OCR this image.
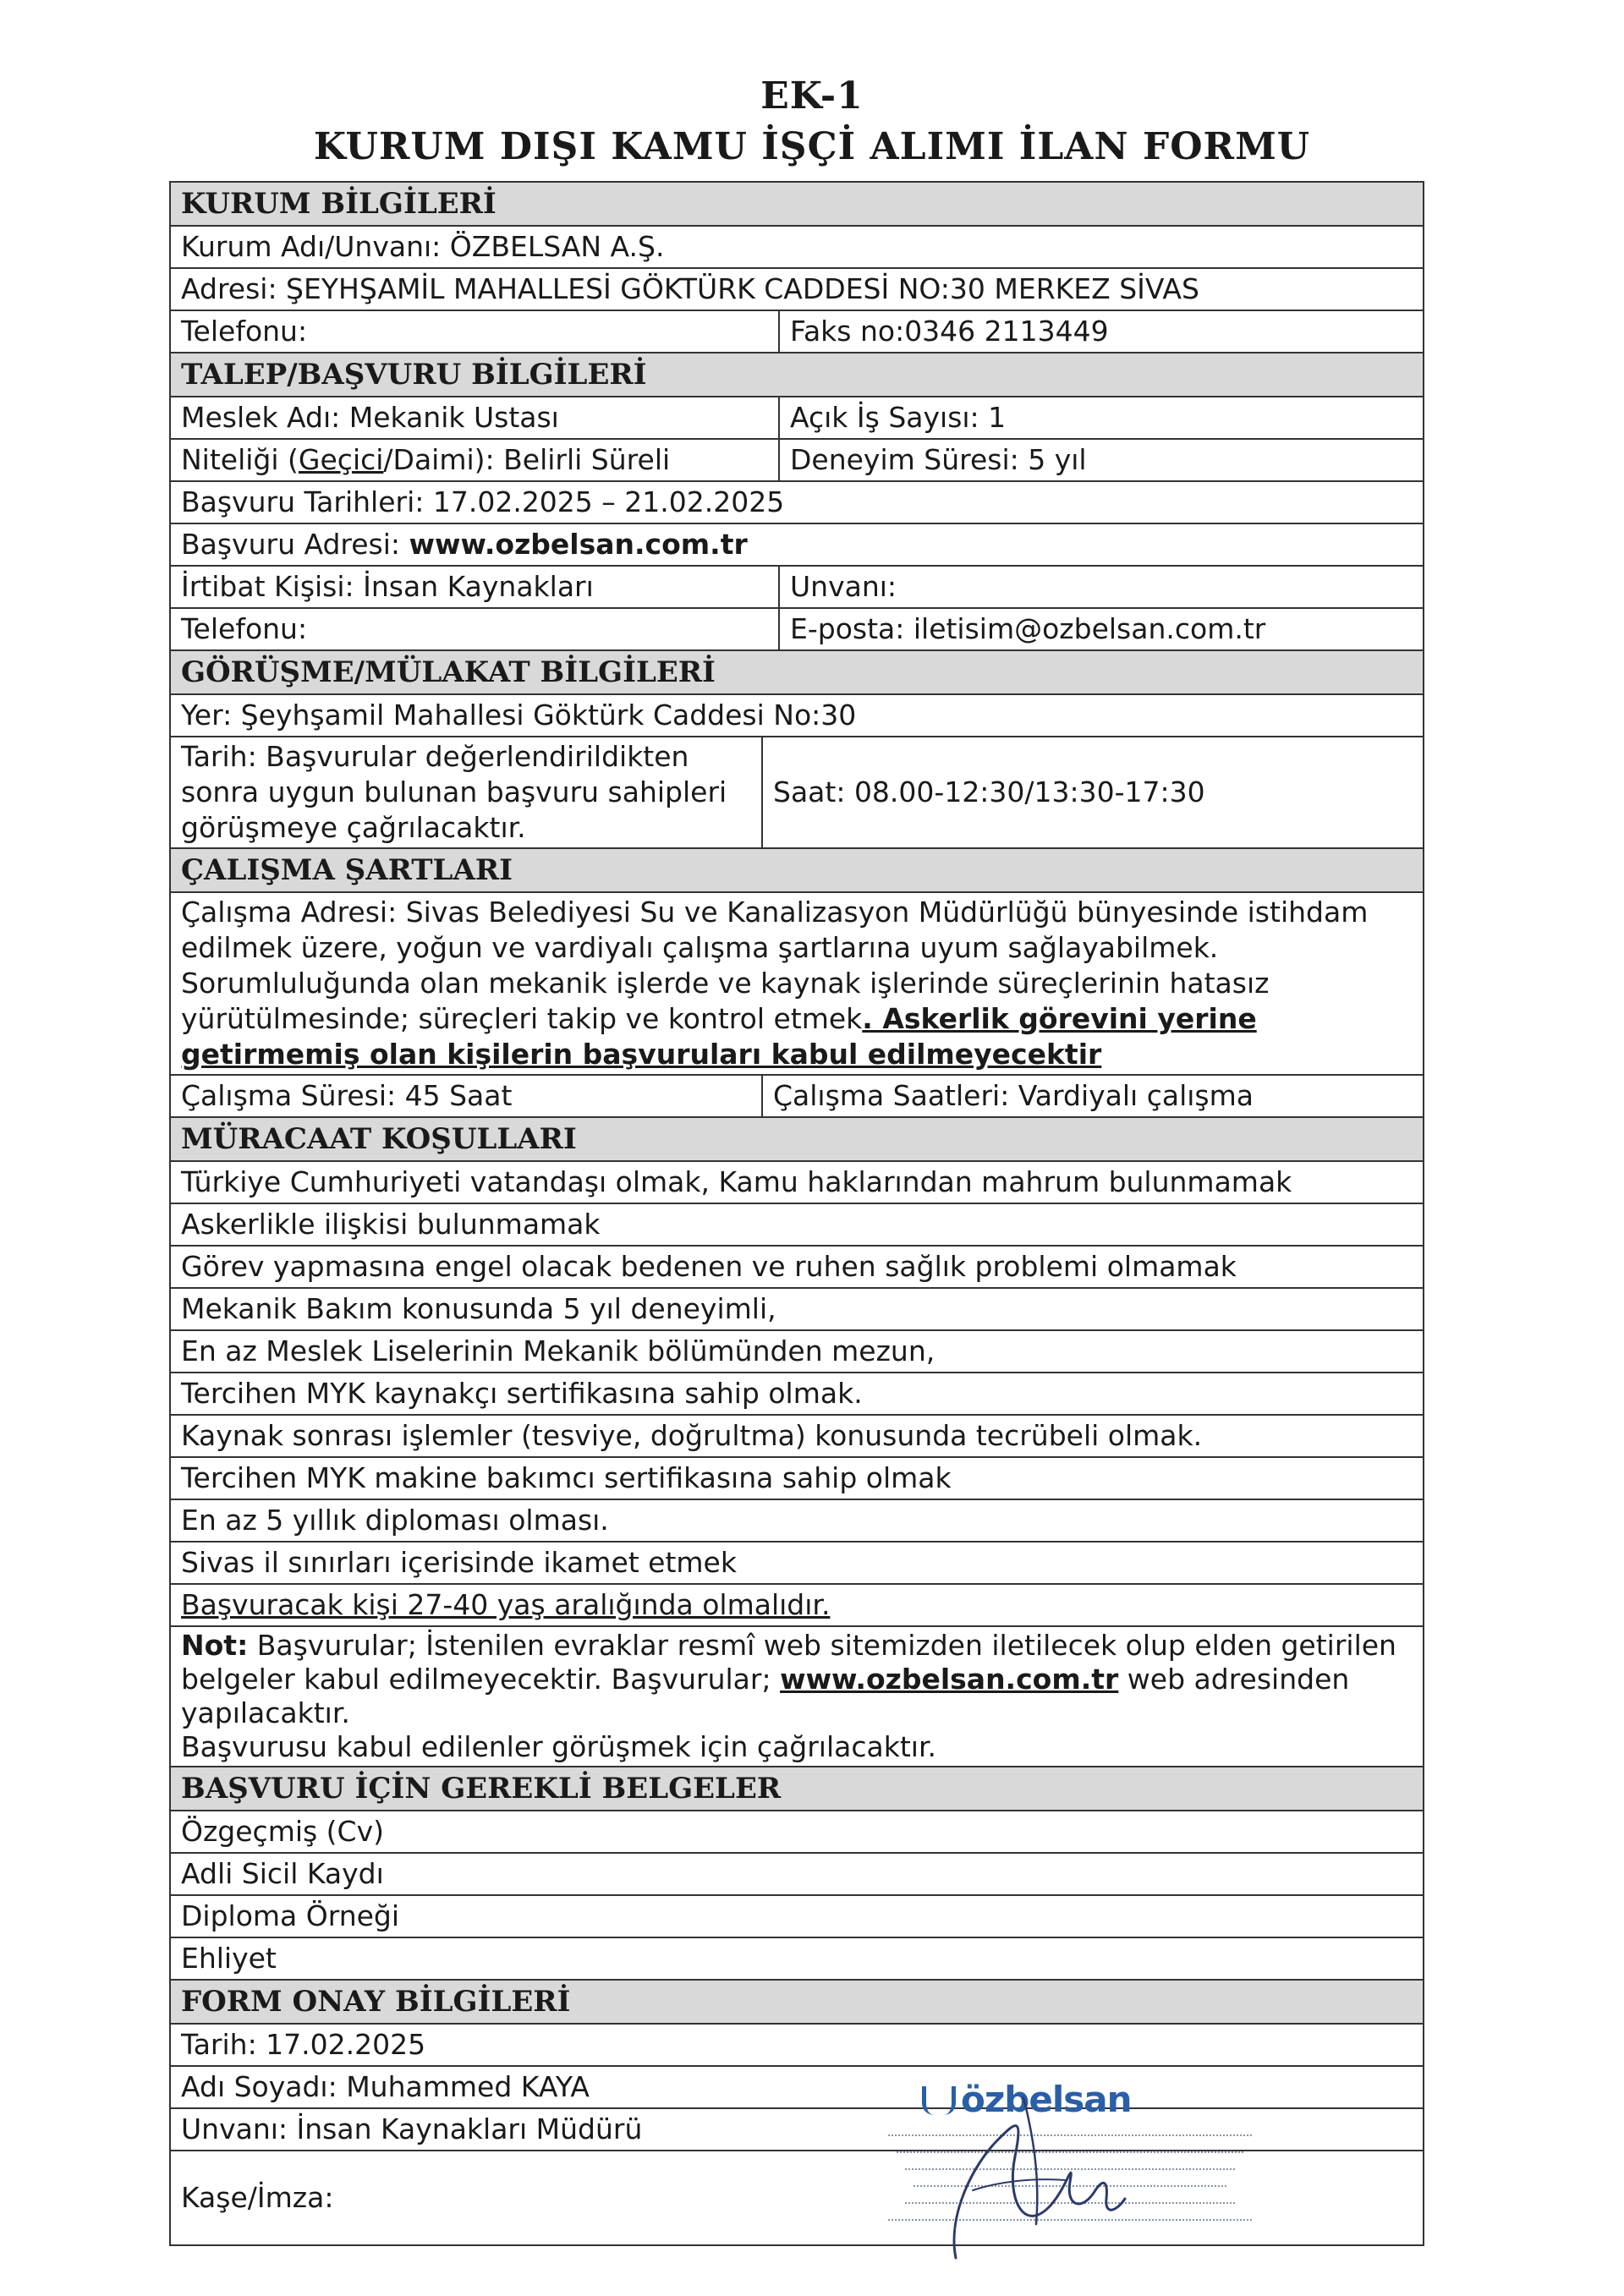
EK-1
KURUM DIŞI KAMU İŞÇİ ALIMI İLAN FORMU
KURUM BİLGİLERİ
Kurum Adı/Unvanı: ÖZBELSAN A.Ş.
Adresi: ŞEYHŞAMİL MAHALLESİ GÖKTÜRK CADDESİ NO:30 MERKEZ SİVAS
Telefonu:	Faks no:0346 2113449
TALEP/BAŞVURU BİLGİLERİ
Meslek Adı: Mekanik Ustası	Açık İş Sayısı: 1
Niteliği (Geçici/Daimi): Belirli Süreli	Deneyim Süresi: 5 yıl
Başvuru Tarihleri: 17.02.2025 – 21.02.2025
Başvuru Adresi: www.ozbelsan.com.tr
İrtibat Kişisi: İnsan Kaynakları	Unvanı:
Telefonu:	E-posta: iletisim@ozbelsan.com.tr
GÖRÜŞME/MÜLAKAT BİLGİLERİ
Yer: Şeyhşamil Mahallesi Göktürk Caddesi No:30
Tarih: Başvurular değerlendirildikten sonra uygun bulunan başvuru sahipleri görüşmeye çağrılacaktır.
Saat: 08.00-12:30/13:30-17:30
ÇALIŞMA ŞARTLARI
Çalışma Adresi: Sivas Belediyesi Su ve Kanalizasyon Müdürlüğü bünyesinde istihdam edilmek üzere, yoğun ve vardiyalı çalışma şartlarına uyum sağlayabilmek. Sorumluluğunda olan mekanik işlerde ve kaynak işlerinde süreçlerinin hatasız yürütülmesinde; süreçleri takip ve kontrol etmek. Askerlik görevini yerine getirmemiş olan kişilerin başvuruları kabul edilmeyecektir
Çalışma Süresi: 45 Saat	Çalışma Saatleri: Vardiyalı çalışma
MÜRACAAT KOŞULLARI
Türkiye Cumhuriyeti vatandaşı olmak, Kamu haklarından mahrum bulunmamak
Askerlikle ilişkisi bulunmamak
Görev yapmasına engel olacak bedenen ve ruhen sağlık problemi olmamak
Mekanik Bakım konusunda 5 yıl deneyimli,
En az Meslek Liselerinin Mekanik bölümünden mezun,
Tercihen MYK kaynakçı sertifikasına sahip olmak.
Kaynak sonrası işlemler (tesviye, doğrultma) konusunda tecrübeli olmak.
Tercihen MYK makine bakımcı sertifikasına sahip olmak
En az 5 yıllık diploması olması.
Sivas il sınırları içerisinde ikamet etmek
Başvuracak kişi 27-40 yaş aralığında olmalıdır.
Not: Başvurular; İstenilen evraklar resmî web sitemizden iletilecek olup elden getirilen belgeler kabul edilmeyecektir. Başvurular; www.ozbelsan.com.tr web adresinden yapılacaktır.
Başvurusu kabul edilenler görüşmek için çağrılacaktır.
BAŞVURU İÇİN GEREKLİ BELGELER
Özgeçmiş (Cv)
Adli Sicil Kaydı
Diploma Örneği
Ehliyet
FORM ONAY BİLGİLERİ
Tarih: 17.02.2025
Adı Soyadı: Muhammed KAYA
Unvanı: İnsan Kaynakları Müdürü
Kaşe/İmza:
özbelsan
